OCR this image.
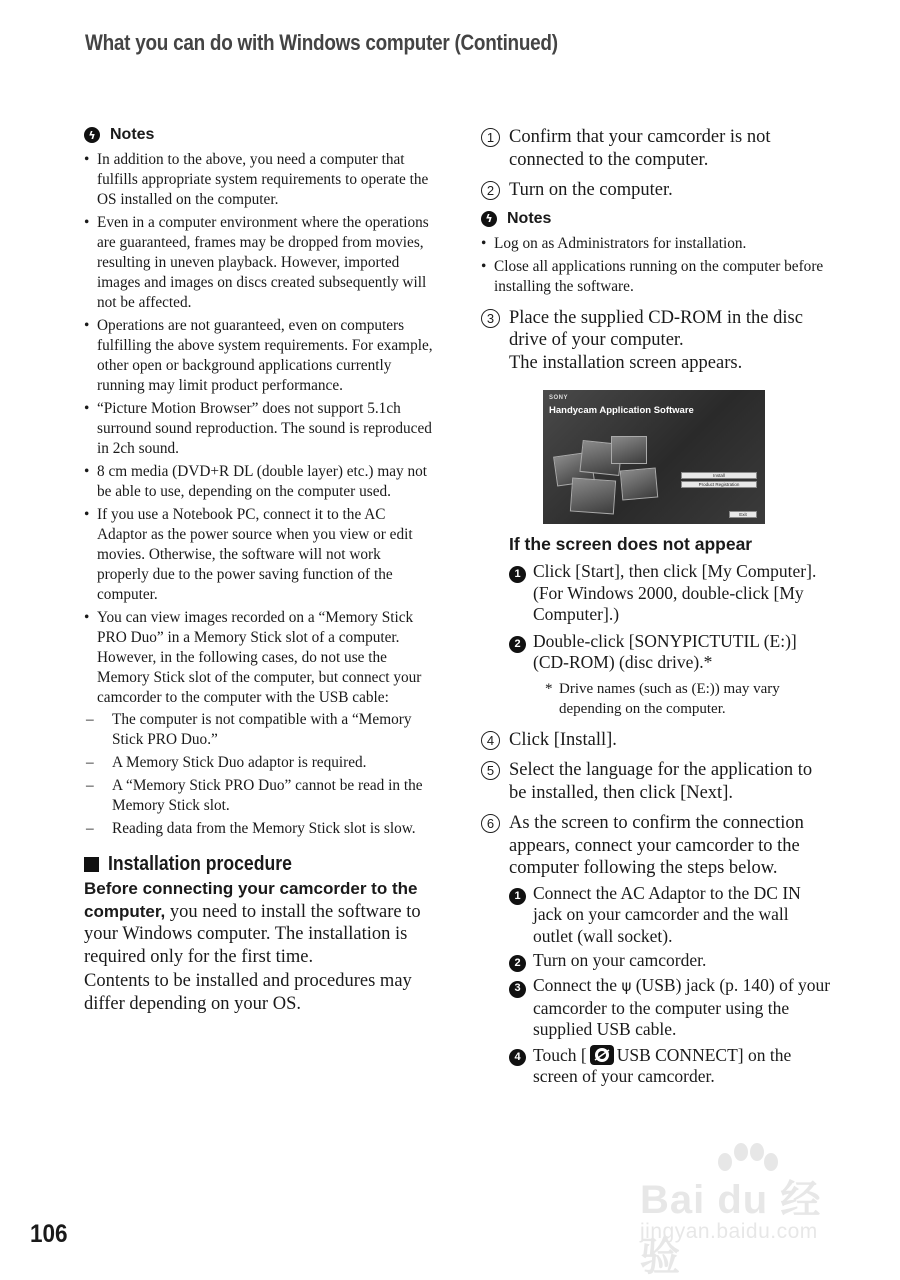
What you can do with Windows computer (Continued)
ϟ Notes
• In addition to the above, you need a computer that fulfills appropriate system requirements to operate the OS installed on the computer.
• Even in a computer environment where the operations are guaranteed, frames may be dropped from movies, resulting in uneven playback. However, imported images and images on discs created subsequently will not be affected.
• Operations are not guaranteed, even on computers fulfilling the above system requirements. For example, other open or background applications currently running may limit product performance.
• “Picture Motion Browser” does not support 5.1ch surround sound reproduction. The sound is reproduced in 2ch sound.
• 8 cm media (DVD+R DL (double layer) etc.) may not be able to use, depending on the computer used.
• If you use a Notebook PC, connect it to the AC Adaptor as the power source when you view or edit movies. Otherwise, the software will not work properly due to the power saving function of the computer.
• You can view images recorded on a “Memory Stick PRO Duo” in a Memory Stick slot of a computer. However, in the following cases, do not use the Memory Stick slot of the computer, but connect your camcorder to the computer with the USB cable:
– The computer is not compatible with a “Memory Stick PRO Duo.”
– A Memory Stick Duo adaptor is required.
– A “Memory Stick PRO Duo” cannot be read in the Memory Stick slot.
– Reading data from the Memory Stick slot is slow.
Installation procedure

Before connecting your camcorder to the computer, you need to install the software to your Windows computer. The installation is required only for the first time.

Contents to be installed and procedures may differ depending on your OS.

1 Confirm that your camcorder is not connected to the computer.
2 Turn on the computer.
ϟ Notes
• Log on as Administrators for installation.
• Close all applications running on the computer before installing the software.
3 Place the supplied CD-ROM in the disc drive of your computer.
The installation screen appears.
SONY
Handycam Application Software
Install
Product Registration
Exit
If the screen does not appear
1 Click [Start], then click [My Computer]. (For Windows 2000, double-click [My Computer].)
2 Double-click [SONYPICTUTIL (E:)] (CD-ROM) (disc drive).*
* Drive names (such as (E:)) may vary depending on the computer.
4 Click [Install].
5 Select the language for the application to be installed, then click [Next].
6 As the screen to confirm the connection appears, connect your camcorder to the computer following the steps below.
1 Connect the AC Adaptor to the DC IN jack on your camcorder and the wall outlet (wall socket).
2 Turn on your camcorder.
3 Connect the ψ (USB) jack (p. 140) of your camcorder to the computer using the supplied USB cable.
4 Touch [ USB CONNECT] on the screen of your camcorder.
106
Bai du 经验
jingyan.baidu.com
